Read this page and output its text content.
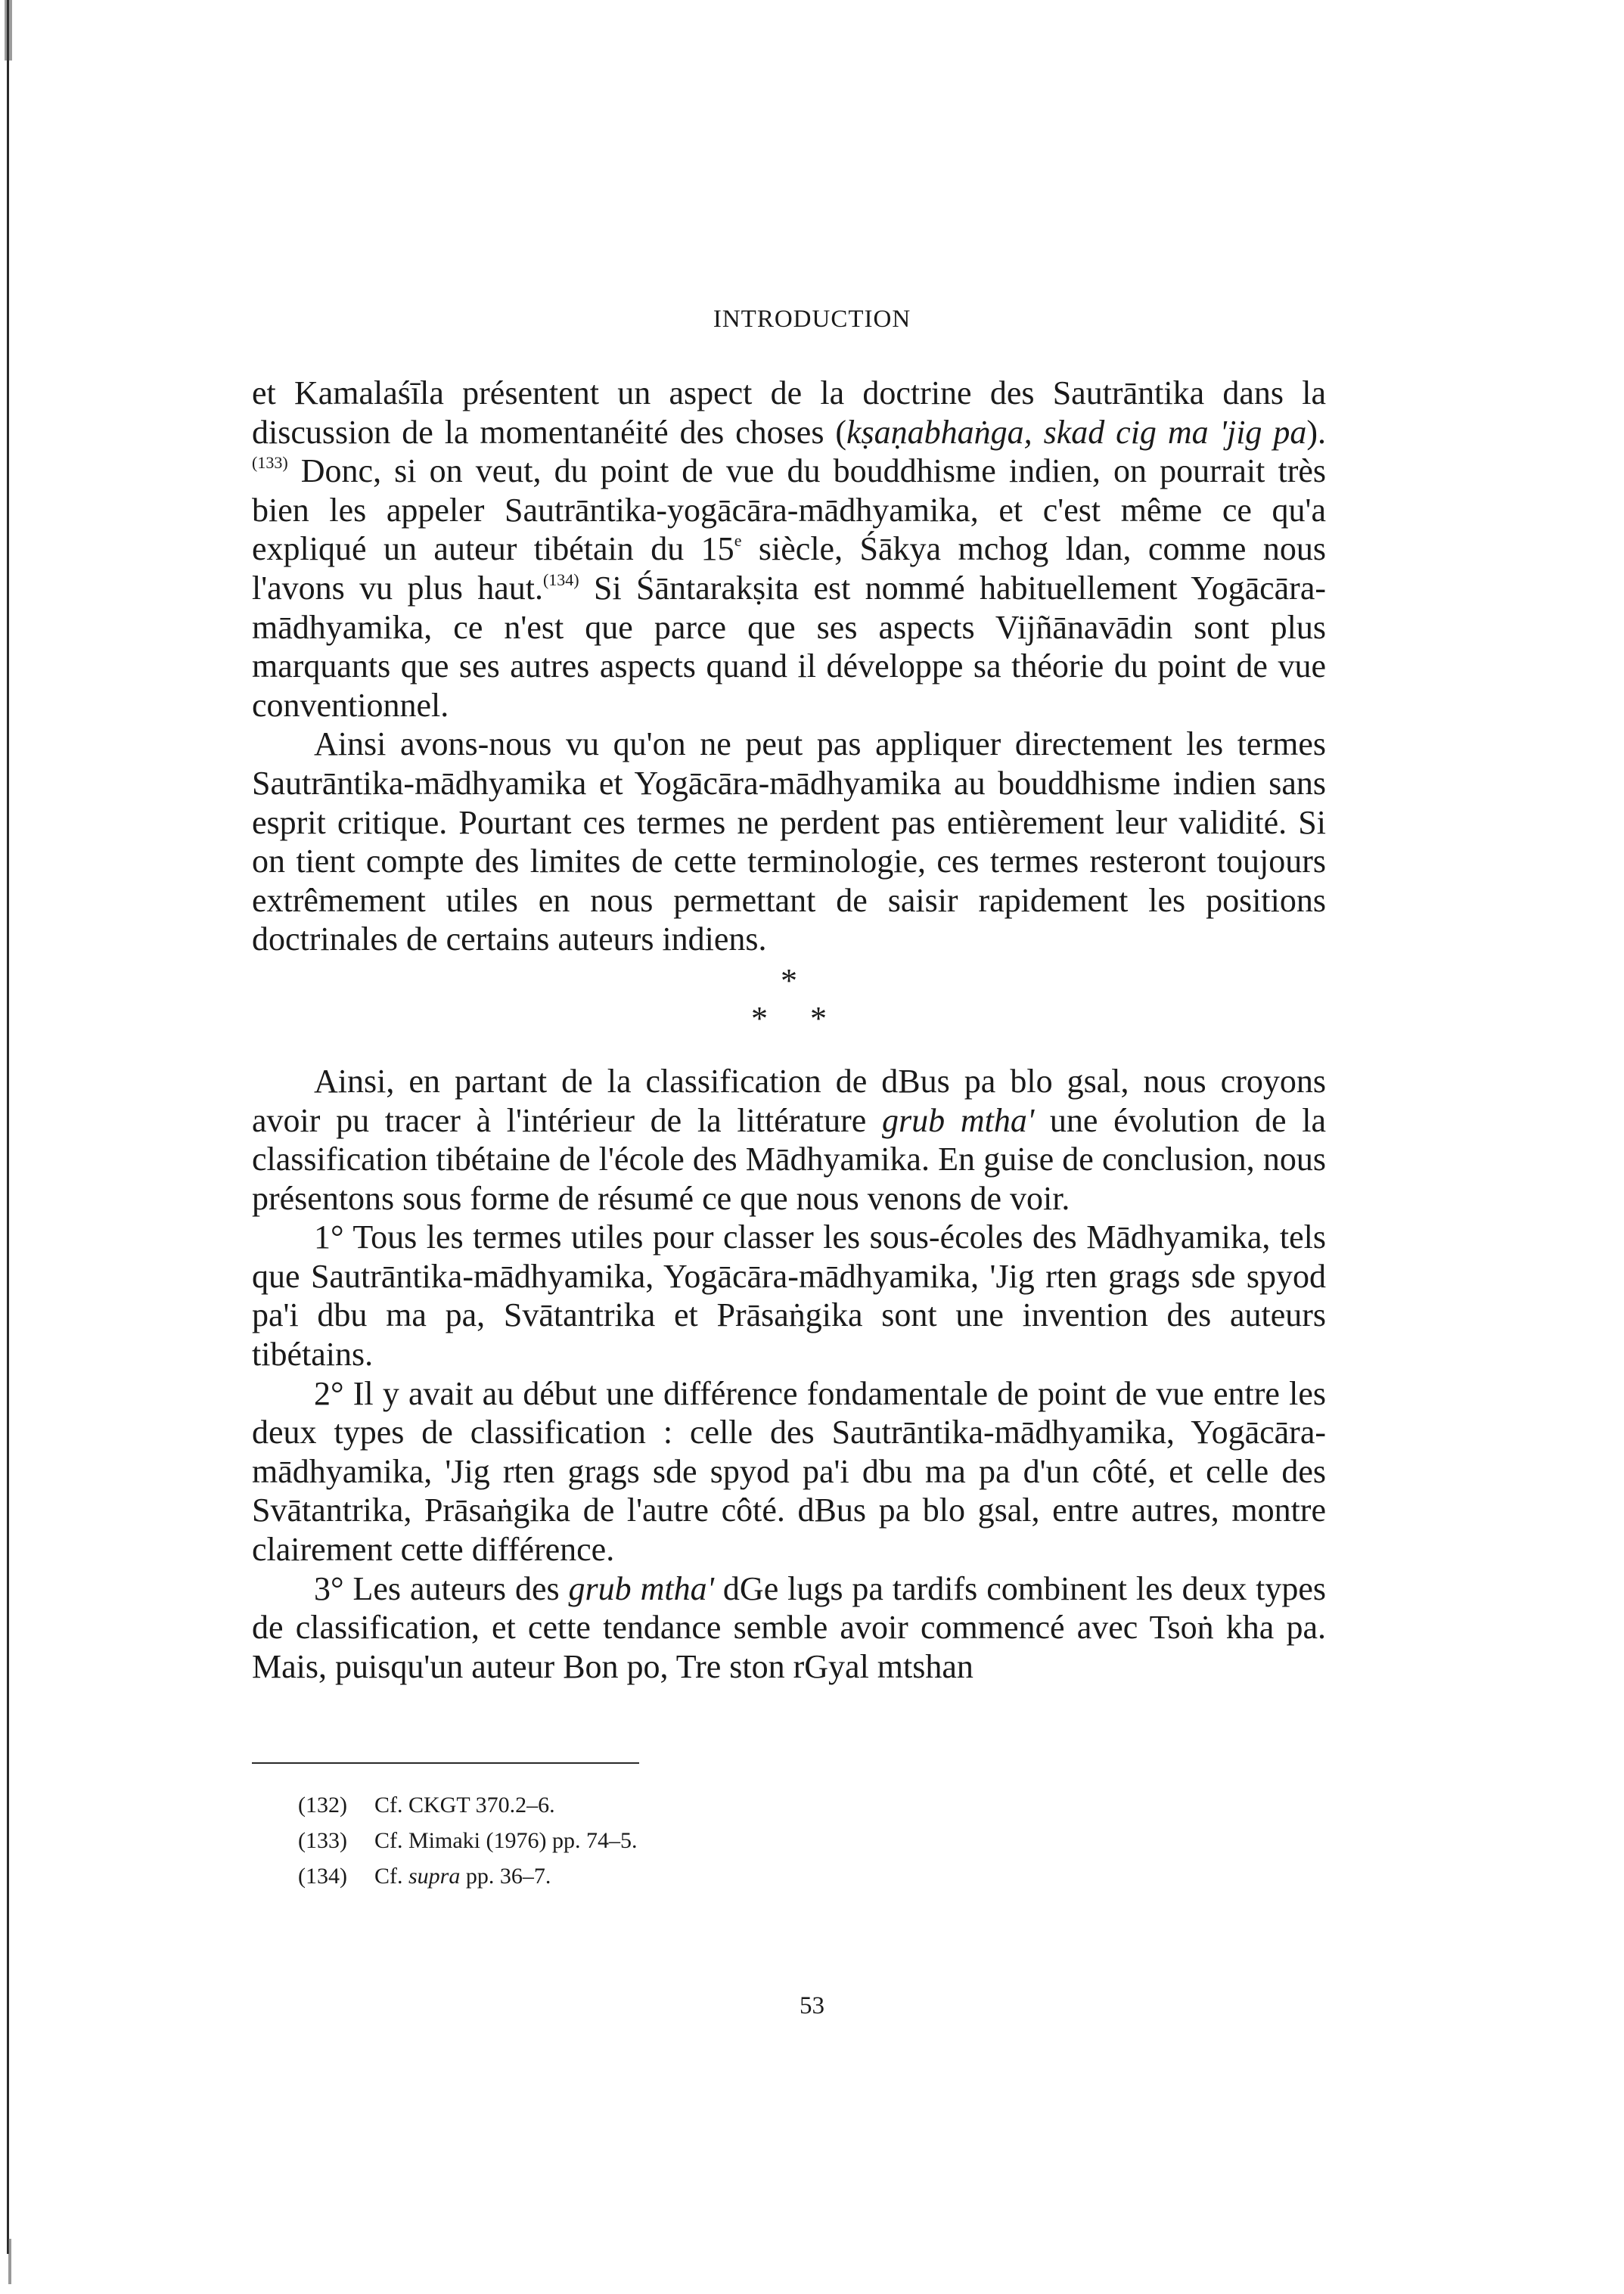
INTRODUCTION

et Kamalaśīla présentent un aspect de la doctrine des Sautrāntika dans la discussion de la momentanéité des choses (kṣaṇabhaṅga, skad cig ma 'jig pa).$^{(133)}$ Donc, si on veut, du point de vue du bouddhisme indien, on pourrait très bien les appeler Sautrāntika-yogācāra-mādhyamika, et c'est même ce qu'a expliqué un auteur tibétain du 15e siècle, Śākya mchog ldan, comme nous l'avons vu plus haut.$^{(134)}$ Si Śāntarakṣita est nommé habituellement Yogācāra-mādhyamika, ce n'est que parce que ses aspects Vijñānavādin sont plus marquants que ses autres aspects quand il développe sa théorie du point de vue conventionnel.

Ainsi avons-nous vu qu'on ne peut pas appliquer directement les termes Sautrāntika-mādhyamika et Yogācāra-mādhyamika au bouddhisme indien sans esprit critique. Pourtant ces termes ne perdent pas entièrement leur validité. Si on tient compte des limites de cette terminologie, ces termes resteront toujours extrêmement utiles en nous permettant de saisir rapidement les positions doctrinales de certains auteurs indiens.

*
* *

Ainsi, en partant de la classification de dBus pa blo gsal, nous croyons avoir pu tracer à l'intérieur de la littérature grub mtha' une évolution de la classification tibétaine de l'école des Mādhyamika. En guise de conclusion, nous présentons sous forme de résumé ce que nous venons de voir.

1° Tous les termes utiles pour classer les sous-écoles des Mādhyamika, tels que Sautrāntika-mādhyamika, Yogācāra-mādhyamika, 'Jig rten grags sde spyod pa'i dbu ma pa, Svātantrika et Prāsaṅgika sont une invention des auteurs tibétains.

2° Il y avait au début une différence fondamentale de point de vue entre les deux types de classification : celle des Sautrāntika-mādhyamika, Yogācāra-mādhyamika, 'Jig rten grags sde spyod pa'i dbu ma pa d'un côté, et celle des Svātantrika, Prāsaṅgika de l'autre côté. dBus pa blo gsal, entre autres, montre clairement cette différence.

3° Les auteurs des grub mtha' dGe lugs pa tardifs combinent les deux types de classification, et cette tendance semble avoir commencé avec Tsoṅ kha pa. Mais, puisqu'un auteur Bon po, Tre ston rGyal mtshan

(132) Cf. CKGT 370.2–6.
(133) Cf. Mimaki (1976) pp. 74–5.
(134) Cf. supra pp. 36–7.
53
